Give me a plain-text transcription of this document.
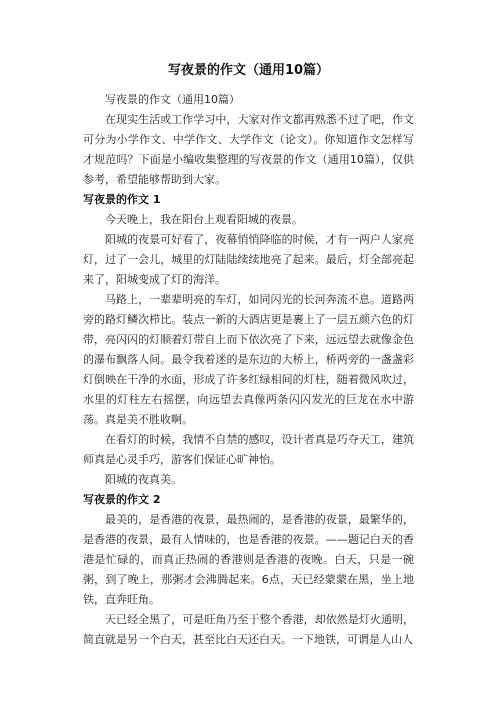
写夜景的作文（通用10篇）

写夜景的作文（通用10篇）

在现实生活或工作学习中，大家对作文都再熟悉不过了吧，作文可分为小学作文、中学作文、大学作文（论文）。你知道作文怎样写才规范吗？下面是小编收集整理的写夜景的作文（通用10篇），仅供参考，希望能够帮助到大家。

写夜景的作文 1

今天晚上，我在阳台上观看阳城的夜景。

阳城的夜景可好看了，夜幕悄悄降临的时候，才有一两户人家亮灯，过了一会儿，城里的灯陆陆续续地亮了起来。最后，灯全部亮起来了，阳城变成了灯的海洋。

马路上，一辈辈明亮的车灯，如同闪光的长河奔流不息。道路两旁的路灯鳞次栉比。装点一新的大酒店更是裹上了一层五颜六色的灯带，亮闪闪的灯顺着灯带自上而下依次亮了下来，远远望去就像金色的瀑布飘落人间。最令我着迷的是东边的大桥上，桥两旁的一盏盏彩灯倒映在干净的水面，形成了许多红绿相间的灯柱，随着微风吹过，水里的灯柱左右摇摆，向远望去真像两条闪闪发光的巨龙在水中游荡。真是美不胜收啊。

在看灯的时候，我情不自禁的感叹，设计者真是巧夺天工，建筑师真是心灵手巧，游客们保证心旷神怡。

阳城的夜真美。

写夜景的作文 2

最美的，是香港的夜景，最热闹的，是香港的夜景，最繁华的，是香港的夜景，最有人情味的，也是香港的夜景。——题记白天的香港是忙碌的，而真正热闹的香港则是香港的夜晚。白天，只是一碗粥，到了晚上，那粥才会沸腾起来。6点，天已经蒙蒙在黑，坐上地铁，直奔旺角。

天已经全黑了，可是旺角乃至于整个香港，却依然是灯火通明，简直就是另一个白天，甚至比白天还白天。一下地铁，可谓是人山人
